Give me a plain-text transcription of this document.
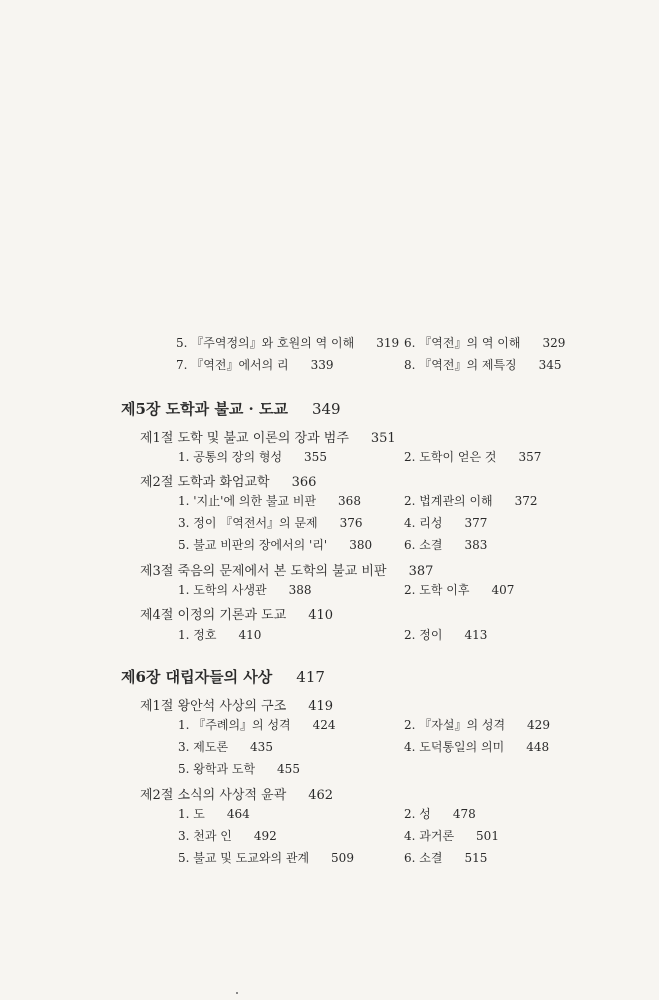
5. 『주역정의』와 호원의 역 이해 319 6. 『역전』의 역 이해 329
7. 『역전』에서의 리 339	8. 『역전』의 제특징 345
제5장 도학과 불교 · 도교 349
제1절 도학 및 불교 이론의 장과 범주 351
1. 공통의 장의 형성 355	2. 도학이 얻은 것 357
제2절 도학과 화엄교학 366
1. '지止'에 의한 불교 비판 368	2. 법계관의 이해 372
3. 정이 『역전서』의 문제 376	4. 리성 377
5. 불교 비판의 장에서의 '리' 380	6. 소결 383
제3절 죽음의 문제에서 본 도학의 불교 비판 387
1. 도학의 사생관 388	2. 도학 이후 407
제4절 이정의 기론과 도교 410
1. 정호 410	2. 정이 413
제6장 대립자들의 사상 417
제1절 왕안석 사상의 구조 419
1. 『주례의』의 성격 424	2. 『자설』의 성격 429
3. 제도론 435	4. 도덕통일의 의미 448
5. 왕학과 도학 455
제2절 소식의 사상적 윤곽 462
1. 도 464	2. 성 478
3. 천과 인 492	4. 과거론 501
5. 불교 및 도교와의 관계 509	6. 소결 515
